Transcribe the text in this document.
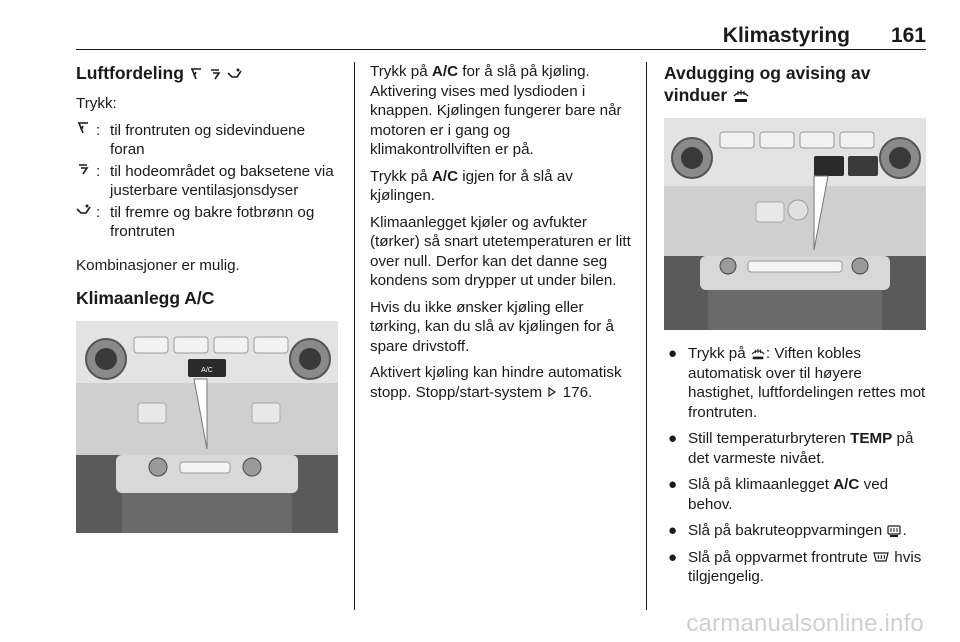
Klimastyring 161
Luftfordeling

Trykk:

: til frontruten og sidevinduene foran
: til hodeområdet og baksetene via justerbare ventilasjonsdyser
: til fremre og bakre fotbrønn og frontruten

Kombinasjoner er mulig.

Klimaanlegg A/C
A/C

Trykk på A/C for å slå på kjøling. Aktivering vises med lysdioden i knappen. Kjølingen fungerer bare når motoren er i gang og klimakontrollviften er på.

Trykk på A/C igjen for å slå av kjølingen.

Klimaanlegget kjøler og avfukter (tørker) så snart utetemperaturen er litt over null. Derfor kan det danne seg kondens som drypper ut under bilen.

Hvis du ikke ønsker kjøling eller tørking, kan du slå av kjølingen for å spare drivstoff.

Aktivert kjøling kan hindre automatisk stopp. Stopp/start-system 176.

Avdugging og avising av vinduer
● Trykk på : Viften kobles automatisk over til høyere hastighet, luftfordelingen rettes mot frontruten.
● Still temperaturbryteren TEMP på det varmeste nivået.
● Slå på klimaanlegget A/C ved behov.
● Slå på bakruteoppvarmingen .
● Slå på oppvarmet frontrute  hvis tilgjengelig.
carmanualsonline.info
